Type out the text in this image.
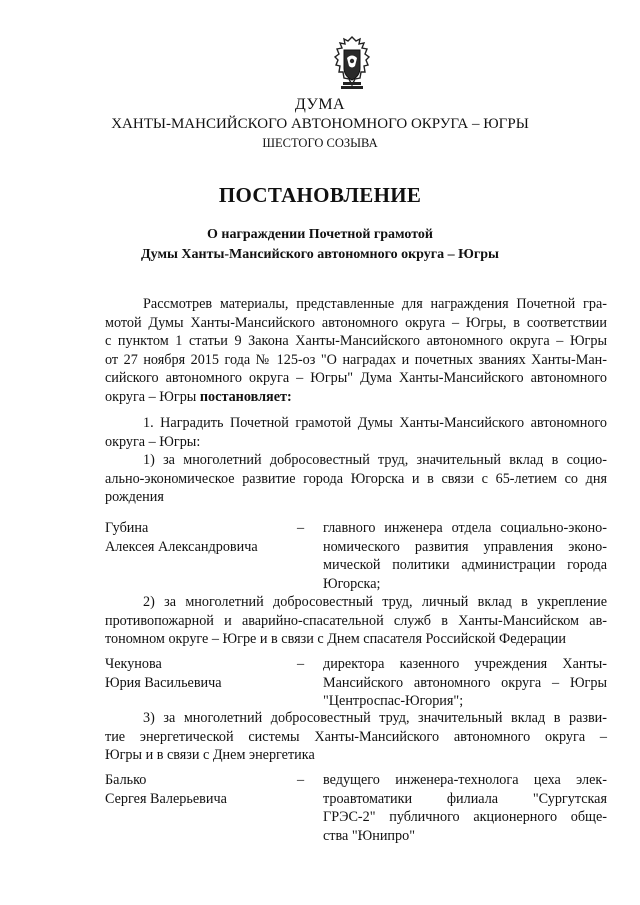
ДУМА
ХАНТЫ-МАНСИЙСКОГО АВТОНОМНОГО ОКРУГА – ЮГРЫ
ШЕСТОГО СОЗЫВА
ПОСТАНОВЛЕНИЕ
О награждении Почетной грамотой
Думы Ханты-Мансийского автономного округа – Югры

Рассмотрев материалы, представленные для награждения Почетной гра-

мотой Думы Ханты-Мансийского автономного округа – Югры, в соответствии

с пунктом 1 статьи 9 Закона Ханты-Мансийского автономного округа – Югры

от 27 ноября 2015 года № 125-оз "О наградах и почетных званиях Ханты-Ман-

сийского автономного округа – Югры" Дума Ханты-Мансийского автономного

округа – Югры постановляет:

1. Наградить Почетной грамотой Думы Ханты-Мансийского автономного

округа – Югры:

1) за многолетний добросовестный труд, значительный вклад в социо-

ально-экономическое развитие города Югорска и в связи с 65-летием со дня

рождения

Губина
Алексея Александровича
– главного инженера отдела социально-эконо-
номического развития управления эконо-
мической политики администрации города
Югорска;

2) за многолетний добросовестный труд, личный вклад в укрепление

противопожарной и аварийно-спасательной служб в Ханты-Мансийском ав-

тономном округе – Югре и в связи с Днем спасателя Российской Федерации

Чекунова
Юрия Васильевича
– директора казенного учреждения Ханты-
Мансийского автономного округа – Югры
"Центроспас-Югория";

3) за многолетний добросовестный труд, значительный вклад в разви-

тие энергетической системы Ханты-Мансийского автономного округа –

Югры и в связи с Днем энергетика

Балько
Сергея Валерьевича
– ведущего инженера-технолога цеха элек-
троавтоматики филиала "Сургутская
ГРЭС-2" публичного акционерного обще-
ства "Юнипро"
